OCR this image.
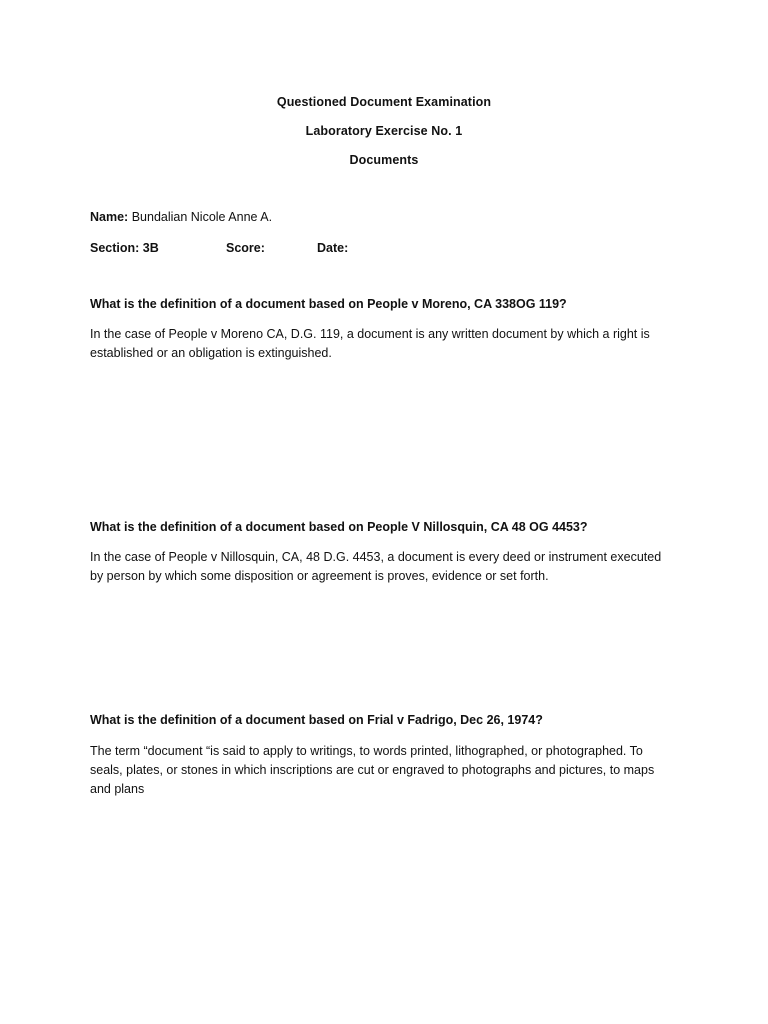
Questioned Document Examination
Laboratory Exercise No. 1
Documents
Name: Bundalian Nicole Anne A.
Section: 3B	Score:	Date:
What is the definition of a document based on People v Moreno, CA 338OG 119?
In the case of People v Moreno CA, D.G. 119, a document is any written document by which a right is established or an obligation is extinguished.
What is the definition of a document based on People V Nillosquin, CA 48 OG 4453?
In the case of People v Nillosquin, CA, 48 D.G. 4453, a document is every deed or instrument executed by person by which some disposition or agreement is proves, evidence or set forth.
What is the definition of a document based on Frial v Fadrigo, Dec 26, 1974?
The term “document “is said to apply to writings, to words printed, lithographed, or photographed. To seals, plates, or stones in which inscriptions are cut or engraved to photographs and pictures, to maps and plans
